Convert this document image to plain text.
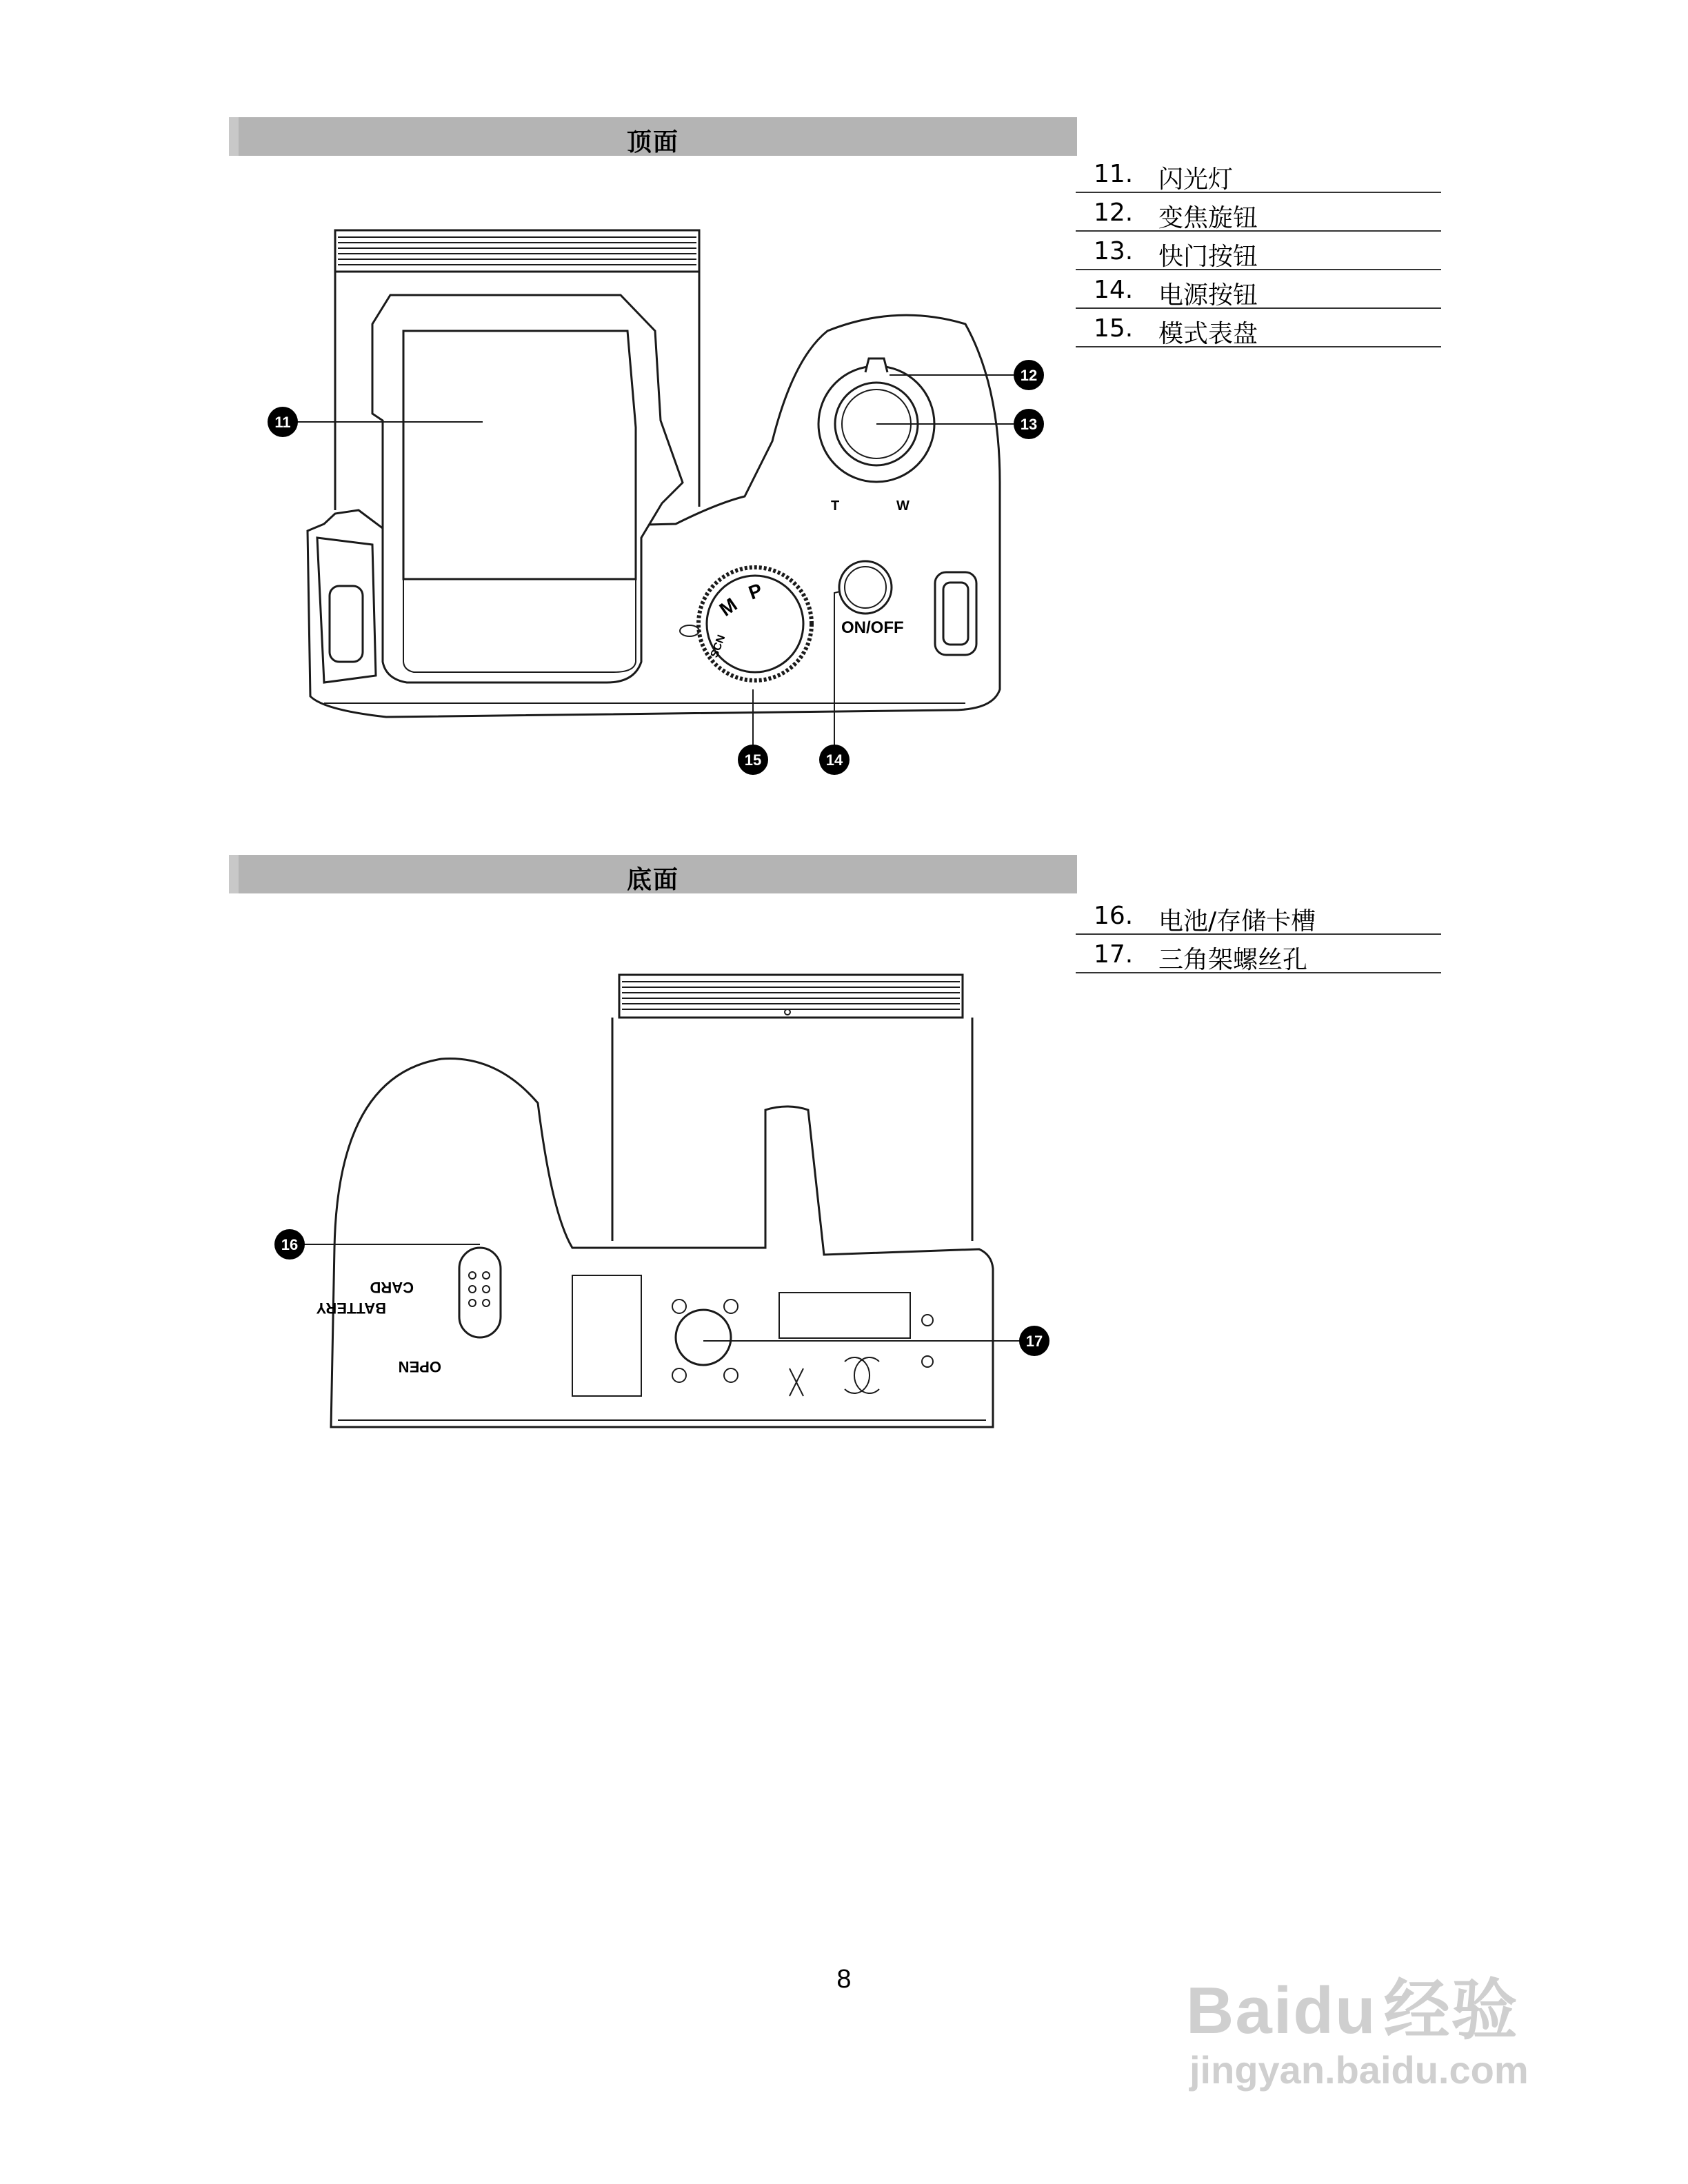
顶面
11. 闪光灯
12. 变焦旋钮
13. 快门按钮
14. 电源按钮
15. 模式表盘
T	W
ON/OFF
M
P
SCN
11
12
13
14
15
底面
16. 电池/存储卡槽
17. 三角架螺丝孔
BATTERY
CARD
OPEN
16
17
8	Baidu 经验
jingyan.baidu.com
